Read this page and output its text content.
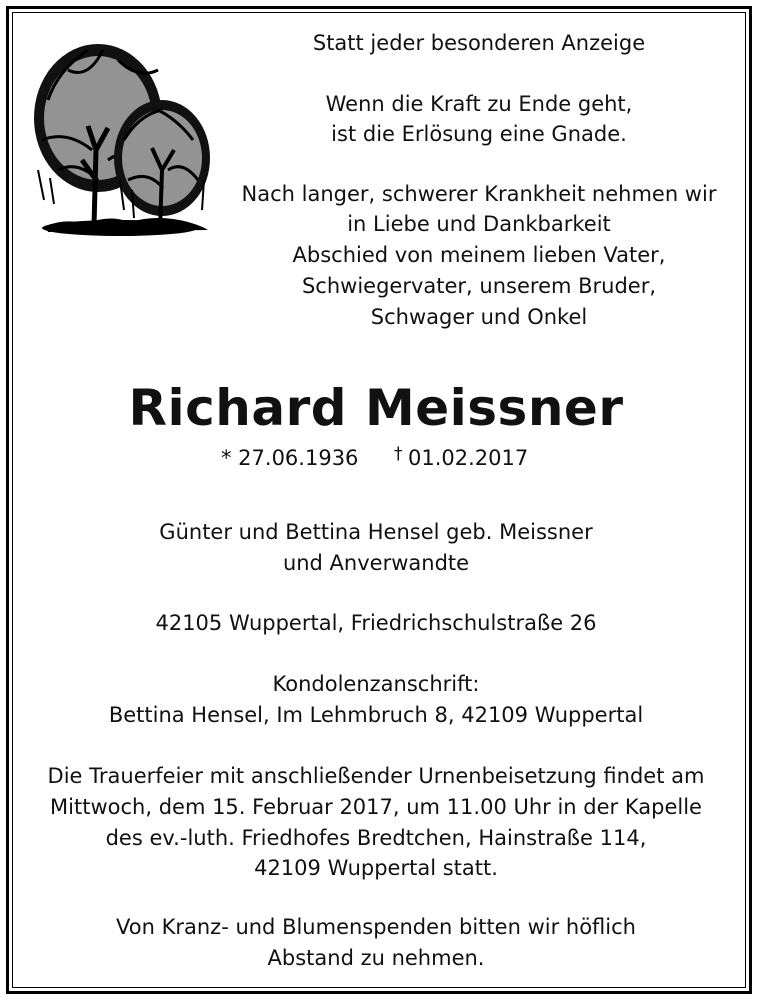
Statt jeder besonderen Anzeige
Wenn die Kraft zu Ende geht,
ist die Erlösung eine Gnade.
Nach langer, schwerer Krankheit nehmen wir
in Liebe und Dankbarkeit
Abschied von meinem lieben Vater,
Schwiegervater, unserem Bruder,
Schwager und Onkel
Richard Meissner
* 27.06.1936 † 01.02.2017
Günter und Bettina Hensel geb. Meissner
und Anverwandte
42105 Wuppertal, Friedrichschulstraße 26
Kondolenzanschrift:
Bettina Hensel, Im Lehmbruch 8, 42109 Wuppertal
Die Trauerfeier mit anschließender Urnenbeisetzung findet am
Mittwoch, dem 15. Februar 2017, um 11.00 Uhr in der Kapelle
des ev.-luth. Friedhofes Bredtchen, Hainstraße 114,
42109 Wuppertal statt.
Von Kranz- und Blumenspenden bitten wir höflich
Abstand zu nehmen.
